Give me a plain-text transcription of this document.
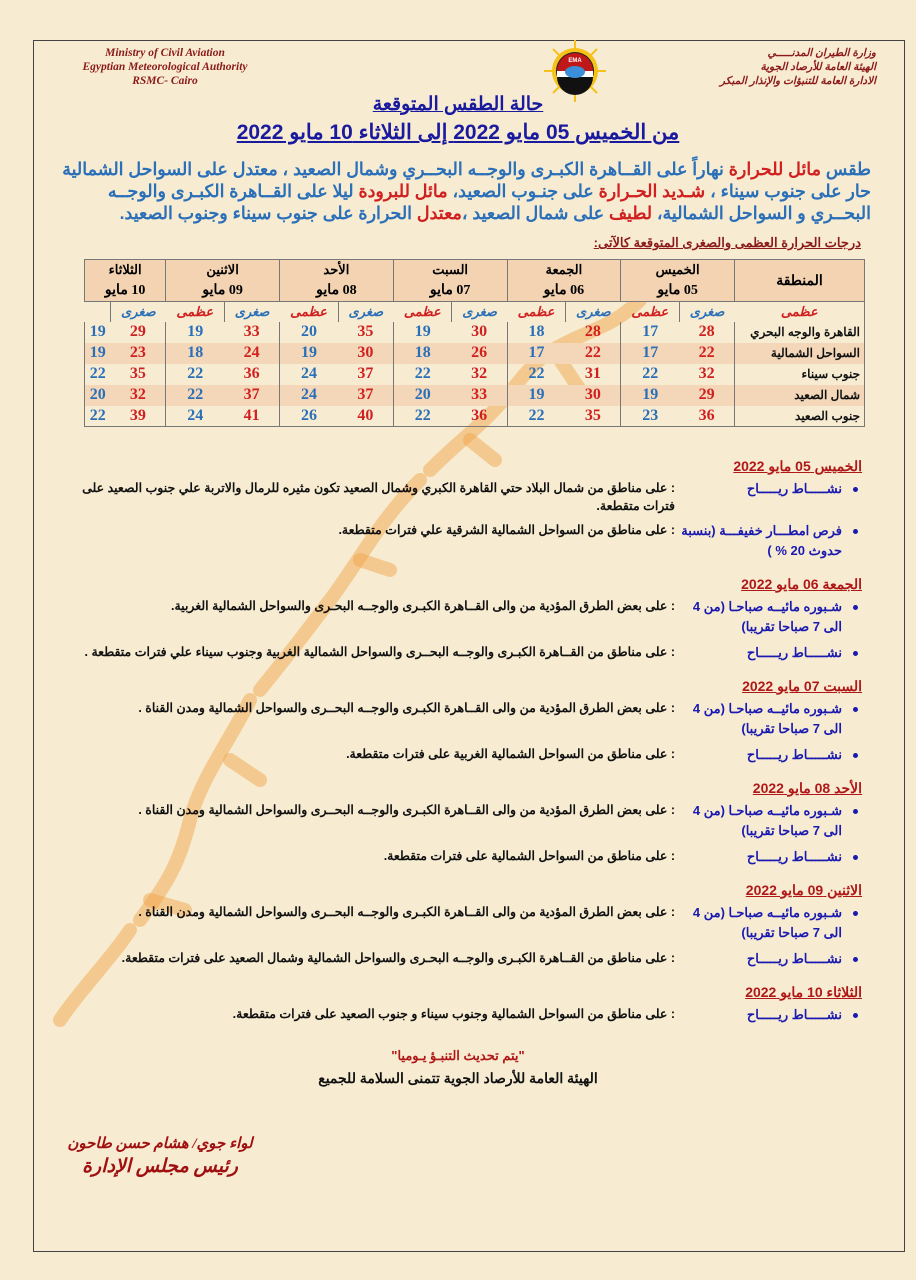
Ministry of Civil Aviation
Egyptian Meteorological Authority
RSMC- Cairo
وزارة الطيران المدنـــــي
الهيئة العامة للأرصاد الجوية
الادارة العامة للتنبؤات والإنذار المبكر
EMA
حالة الطقس المتوقعة
من الخميس 05 مايو 2022 إلى الثلاثاء 10 مايو 2022
طقس مائل للحرارة نهاراً على القــاهرة الكبـرى والوجــه البحــري وشمال الصعيد ، معتدل على السواحل الشمالية حار على جنوب سيناء ، شـديد الحـرارة على جنـوب الصعيد، مائل للبرودة ليلا على القــاهرة الكبـرى والوجــه البحــري و السواحل الشمالية، لطيف على شمال الصعيد ،معتدل الحرارة على جنوب سيناء وجنوب الصعيد.
درجات الحرارة العظمى والصغرى المتوقعة كالآتى:
المنطقة	الخميس		الجمعة		السبت		الأحد		الاثنين		الثلاثاء	
	05 مايو		06 مايو		07 مايو		08 مايو		09 مايو		10 مايو	
عظمى	صغرى	عظمى	صغرى	عظمى	صغرى	عظمى	صغرى	عظمى	صغرى	عظمى	صغرى	
القاهرة والوجه البحري	28	17	28	18	30	19	35	20	33	19	29	19
السواحل الشمالية	22	17	22	17	26	18	30	19	24	18	23	19
جنوب سيناء	32	22	31	22	32	22	37	24	36	22	35	22
شمال الصعيد	29	19	30	19	33	20	37	24	37	22	32	20
جنوب الصعيد	36	23	35	22	36	22	40	26	41	24	39	22
الخميس 05 مايو 2022
نشـــــاط ريـــــاح
: على مناطق من شمال البلاد حتي القاهرة الكبري وشمال الصعيد تكون مثيره للرمال والاتربة علي جنوب الصعيد على فترات متقطعة.
فرص امطـــار خفيفـــة (بنسبة حدوث 20 % )
: على مناطق من السواحل الشمالية الشرقية علي فترات متقطعة.
الجمعة 06 مايو 2022
شـبوره مائيــه صباحـا (من 4 الى 7 صباحا تقريبا)
: على بعض الطرق المؤدية من والى القــاهرة الكبـرى والوجــه البحـرى والسواحل الشمالية الغربية.
نشـــــاط ريـــــاح
: على مناطق من القــاهرة الكبـرى والوجــه البحــرى والسواحل الشمالية الغربية وجنوب سيناء علي فترات متقطعة .
السبت 07 مايو 2022
شـبوره مائيــه صباحـا (من 4 الى 7 صباحا تقريبا)
: على بعض الطرق المؤدية من والى القــاهرة الكبـرى والوجــه البحــرى والسواحل الشمالية ومدن القناة .
نشـــــاط ريـــــاح
: على مناطق من السواحل الشمالية الغربية على فترات متقطعة.
الأحد 08 مايو 2022
شـبوره مائيــه صباحـا (من 4 الى 7 صباحا تقريبا)
: على بعض الطرق المؤدية من والى القــاهرة الكبـرى والوجــه البحــرى والسواحل الشمالية ومدن القناة .
نشـــــاط ريـــــاح
: على مناطق من السواحل الشمالية على فترات متقطعة.
الاثنين 09 مايو 2022
شـبوره مائيــه صباحـا (من 4 الى 7 صباحا تقريبا)
: على بعض الطرق المؤدية من والى القــاهرة الكبـرى والوجــه البحــرى والسواحل الشمالية ومدن القناة .
نشـــــاط ريـــــاح
: على مناطق من القــاهرة الكبـرى والوجــه البحـرى والسواحل الشمالية وشمال الصعيد على فترات متقطعة.
الثلاثاء 10 مايو 2022
نشـــــاط ريـــــاح
: على مناطق من السواحل الشمالية وجنوب سيناء و جنوب الصعيد على فترات متقطعة.
"يتم تحديث التنبـؤ يـوميا"
الهيئة العامة للأرصاد الجوية تتمنى السلامة للجميع
لواء جوي/ هشام حسن طاحون
رئيس مجلس الإدارة
